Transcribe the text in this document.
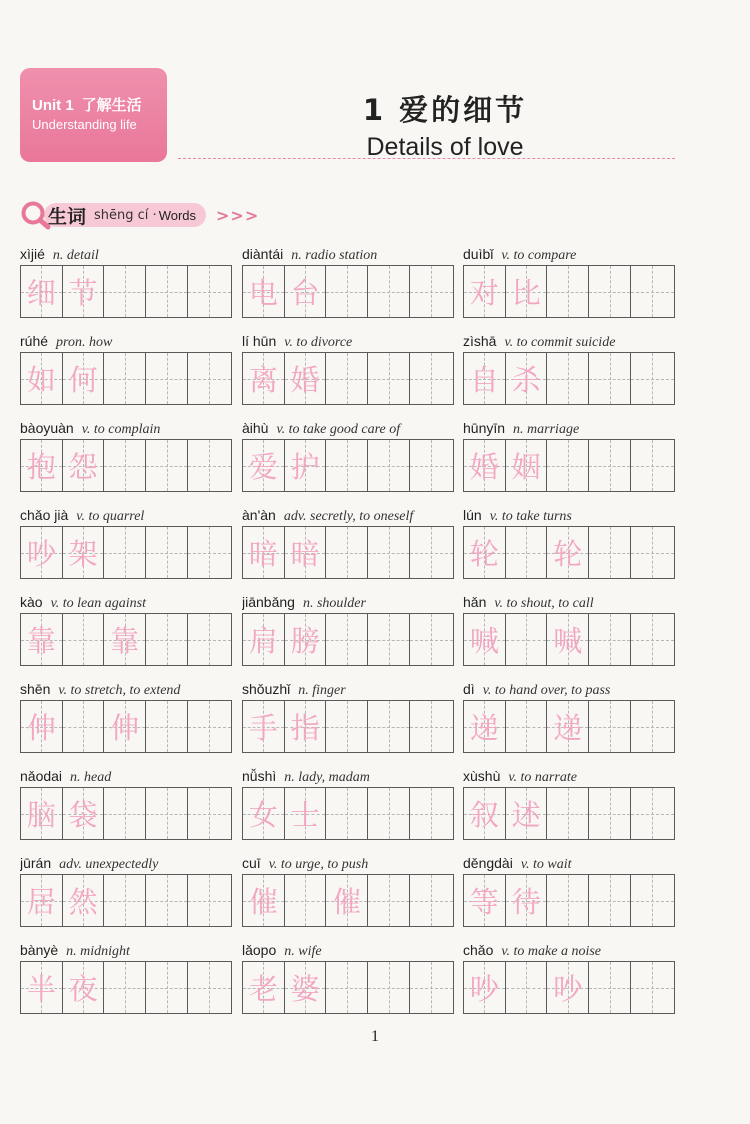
Unit 1 了解生活
Understanding life	1 爱的细节
Details of love
生词 shēng cí · Words >>>
xìjié n. detail
细 节
diàntái n. radio station
电 台
duìbǐ v. to compare
对 比
rúhé pron. how
如 何
lí hūn v. to divorce
离 婚
zìshā v. to commit suicide
自 杀
bàoyuàn v. to complain
抱 怨
àihù v. to take good care of
爱 护
hūnyīn n. marriage
婚 姻
chǎo jià v. to quarrel
吵 架
àn'àn adv. secretly, to oneself
暗 暗
lún v. to take turns
轮 轮
kào v. to lean against
靠 靠
jiānbǎng n. shoulder
肩 膀
hǎn v. to shout, to call
喊 喊
shēn v. to stretch, to extend
伸 伸
shǒuzhǐ n. finger
手 指
dì v. to hand over, to pass
递 递
nǎodai n. head
脑 袋
nǚshì n. lady, madam
女 士
xùshù v. to narrate
叙 述
jūrán adv. unexpectedly
居 然
cuī v. to urge, to push
催 催
děngdài v. to wait
等 待
bànyè n. midnight
半 夜
lǎopo n. wife
老 婆
chǎo v. to make a noise
吵 吵
1
